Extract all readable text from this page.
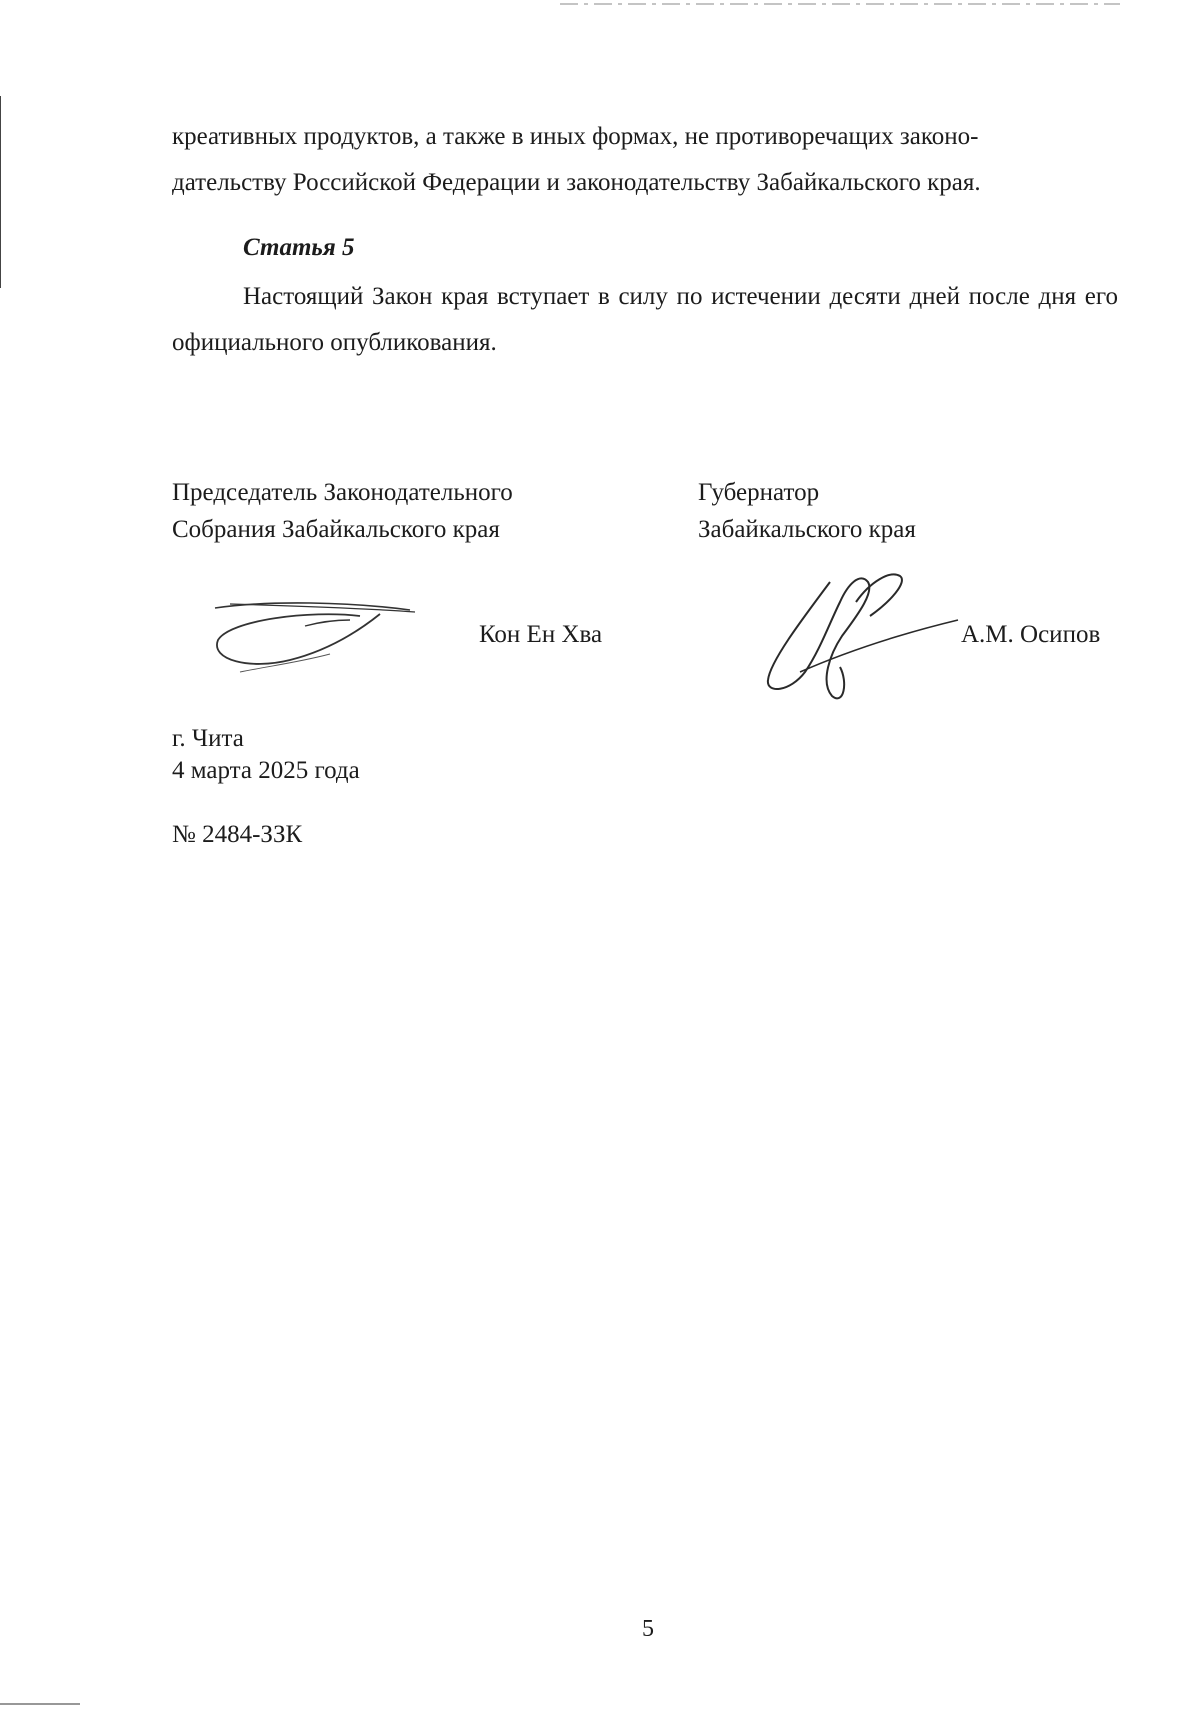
креативных продуктов, а также в иных формах, не противоречащих законо-
дательству Российской Федерации и законодательству Забайкальского края.

Статья 5

Настоящий Закон края вступает в силу по истечении десяти дней после дня его официального опубликования.

Председатель Законодательного
Собрания Забайкальского края
Губернатор
Забайкальского края
Кон Ен Хва	А.М. Осипов
г. Чита
4 марта 2025 года
№ 2484-ЗЗК
5
